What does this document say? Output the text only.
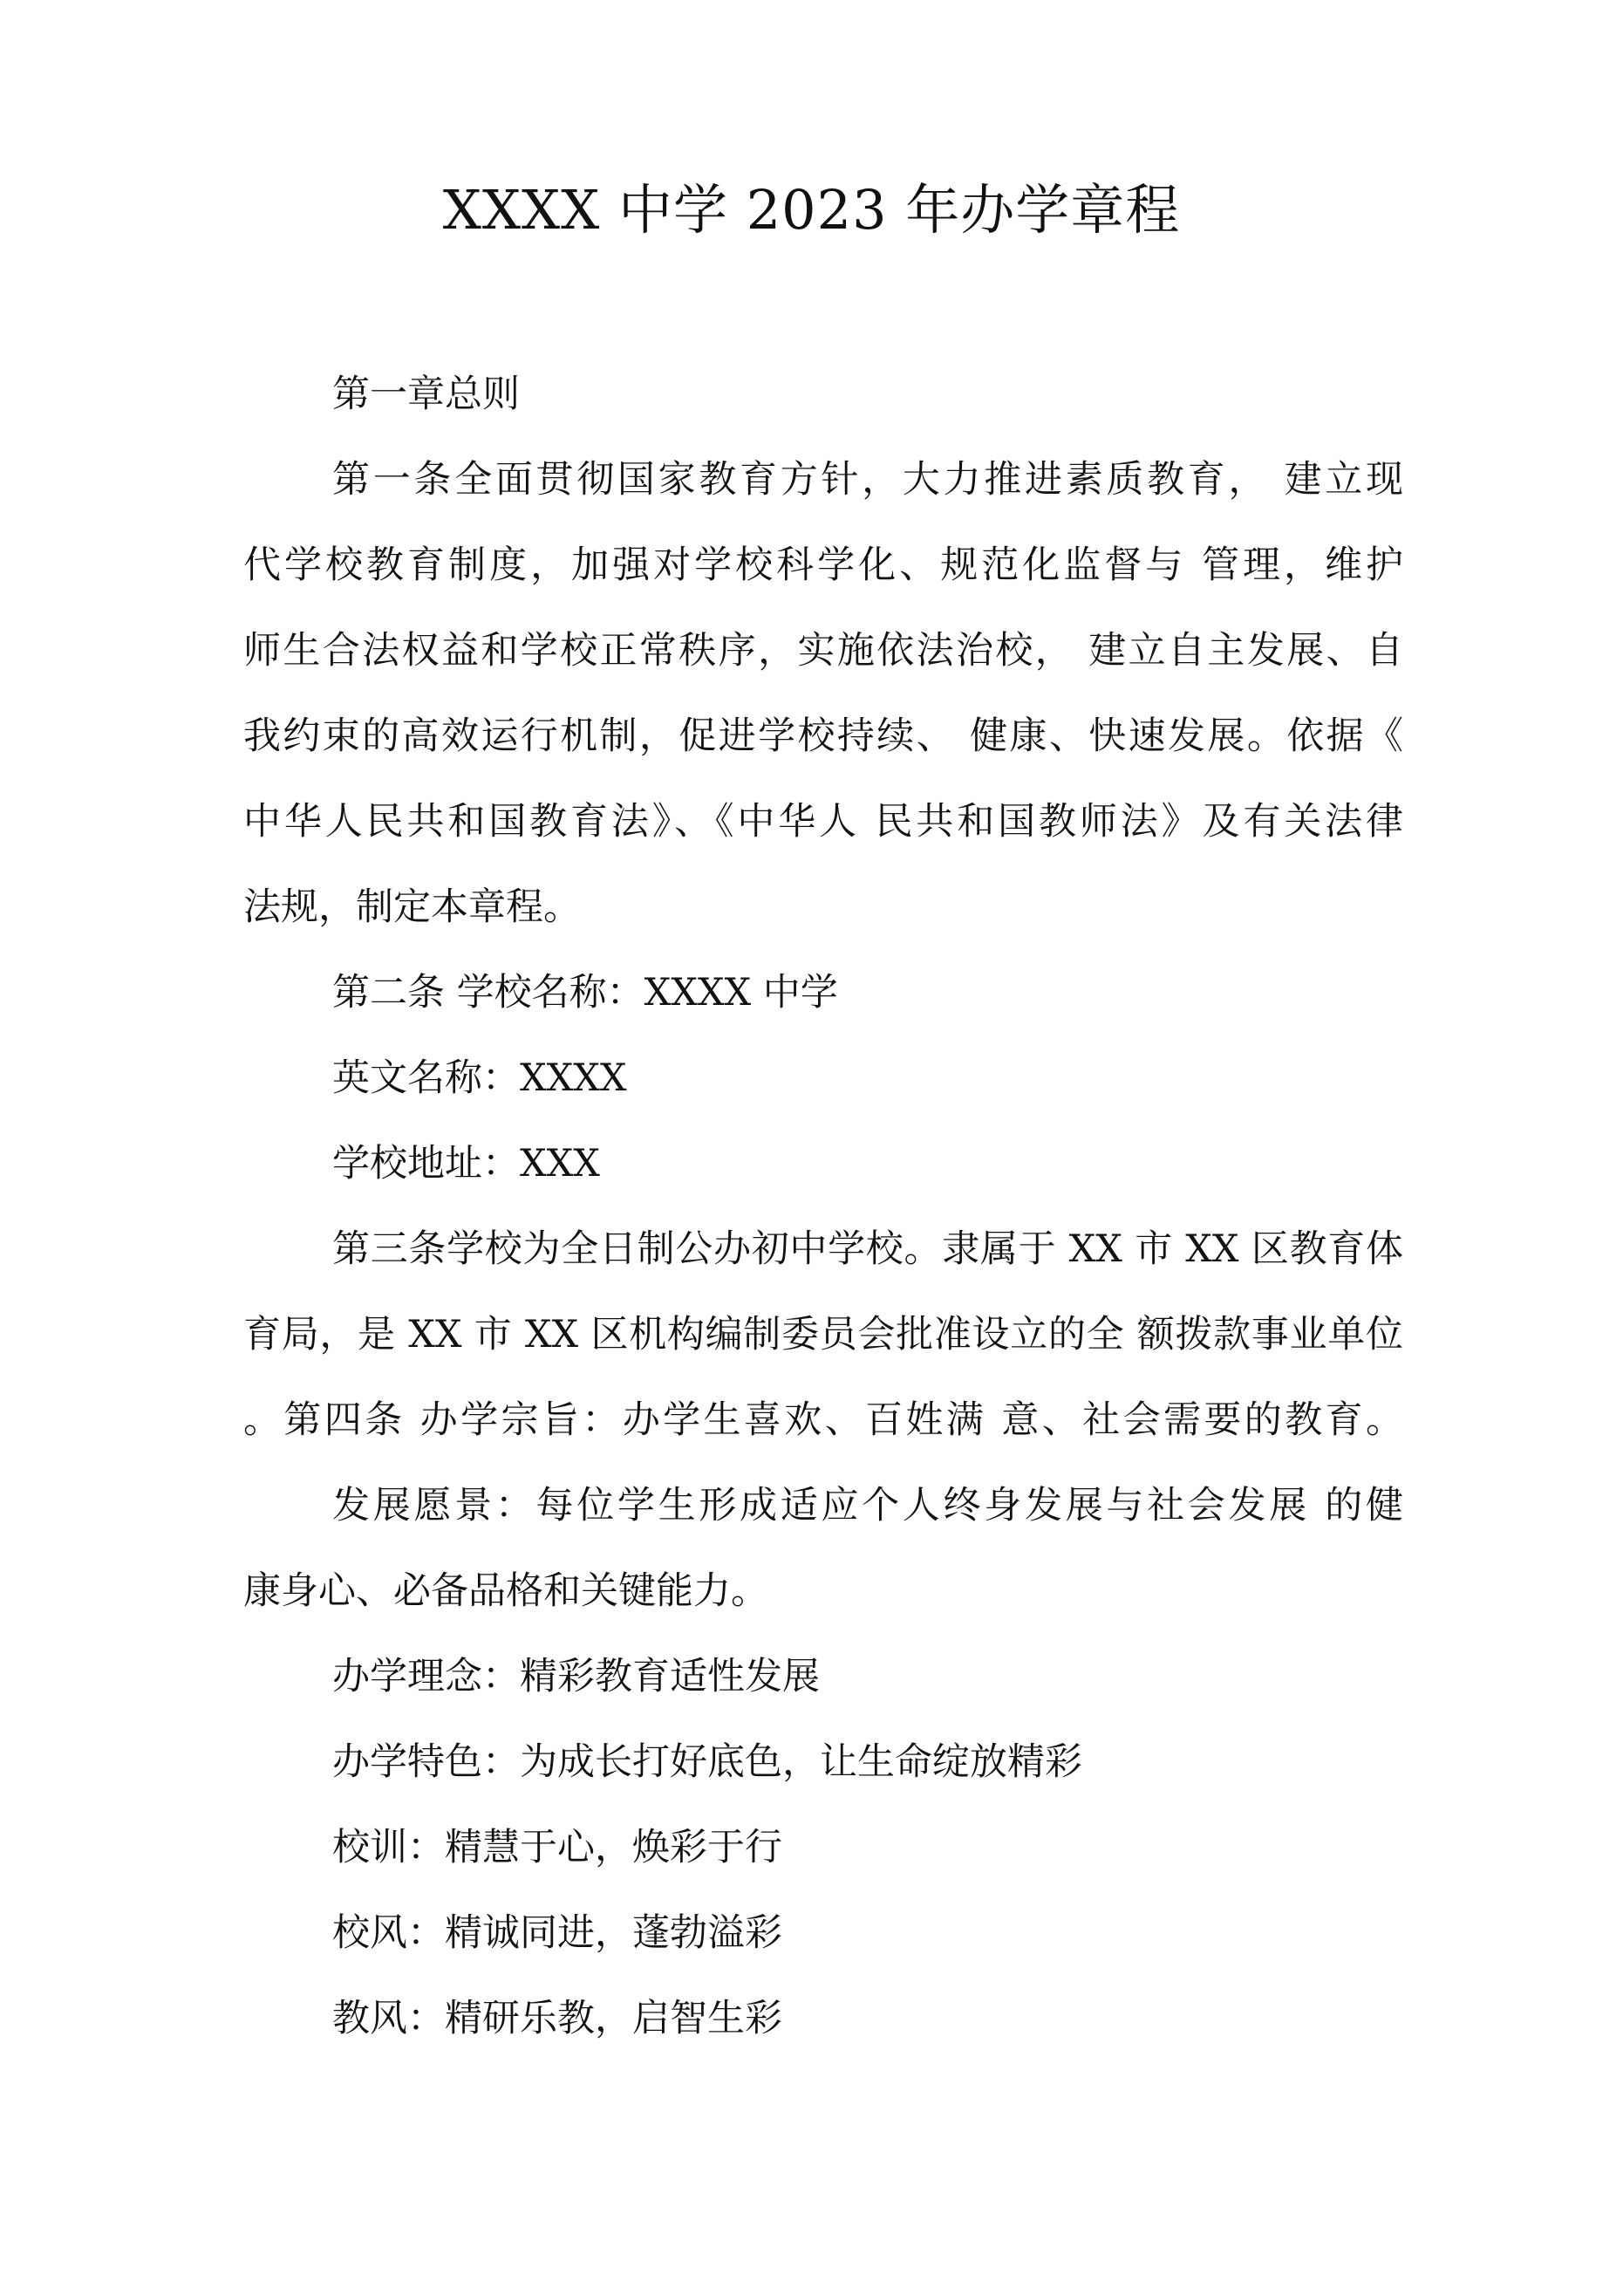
XXXX 中学 2023 年办学章程
第一章总则
第一条全面贯彻国家教育方针，大力推进素质教育， 建立现
代学校教育制度，加强对学校科学化、规范化监督与 管理，维护
师生合法权益和学校正常秩序，实施依法治校， 建立自主发展、自
我约束的高效运行机制，促进学校持续、 健康、快速发展。依据《
中华人民共和国教育法》、《中华人 民共和国教师法》及有关法律
法规，制定本章程。
第二条 学校名称：XXXX 中学
英文名称：XXXX
学校地址：XXX
第三条学校为全日制公办初中学校。隶属于 XX 市 XX 区教育体
育局，是 XX 市 XX 区机构编制委员会批准设立的全 额拨款事业单位
。第四条 办学宗旨：办学生喜欢、百姓满 意、社会需要的教育。
发展愿景：每位学生形成适应个人终身发展与社会发展 的健
康身心、必备品格和关键能力。
办学理念：精彩教育适性发展
办学特色：为成长打好底色，让生命绽放精彩
校训：精慧于心，焕彩于行
校风：精诚同进，蓬勃溢彩
教风：精研乐教，启智生彩
